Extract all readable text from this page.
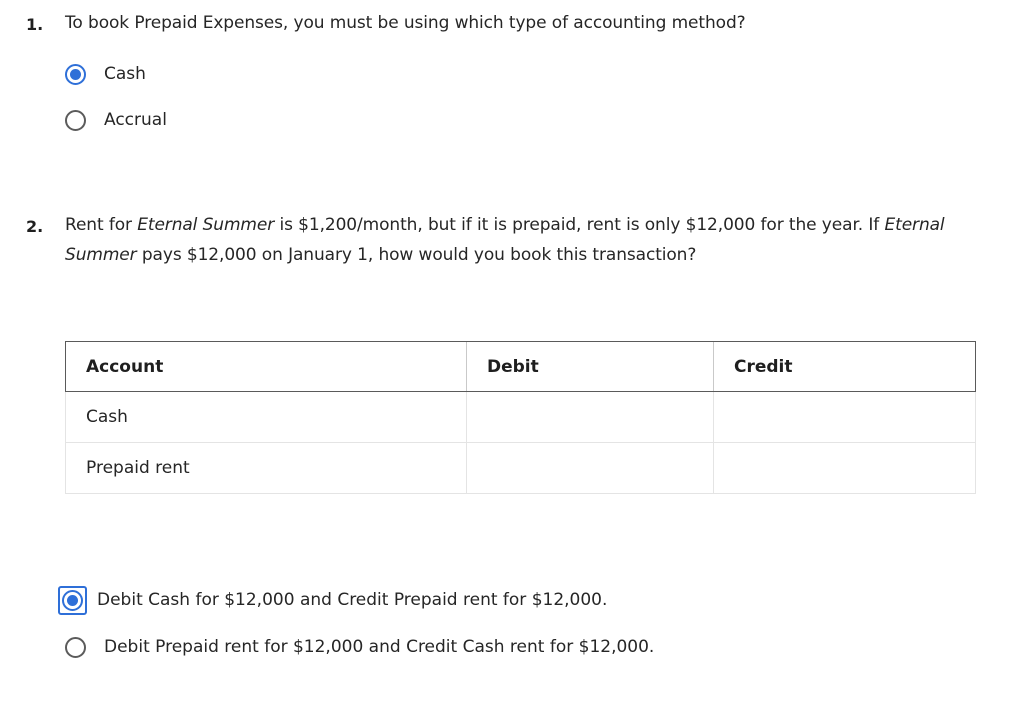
1. To book Prepaid Expenses, you must be using which type of accounting method?
Cash
Accrual
2. Rent for Eternal Summer is $1,200/month, but if it is prepaid, rent is only $12,000 for the year. If Eternal
Summer pays $12,000 on January 1, how would you book this transaction?
Account	Debit	Credit
Cash		
Prepaid rent		
Debit Cash for $12,000 and Credit Prepaid rent for $12,000.
Debit Prepaid rent for $12,000 and Credit Cash rent for $12,000.
